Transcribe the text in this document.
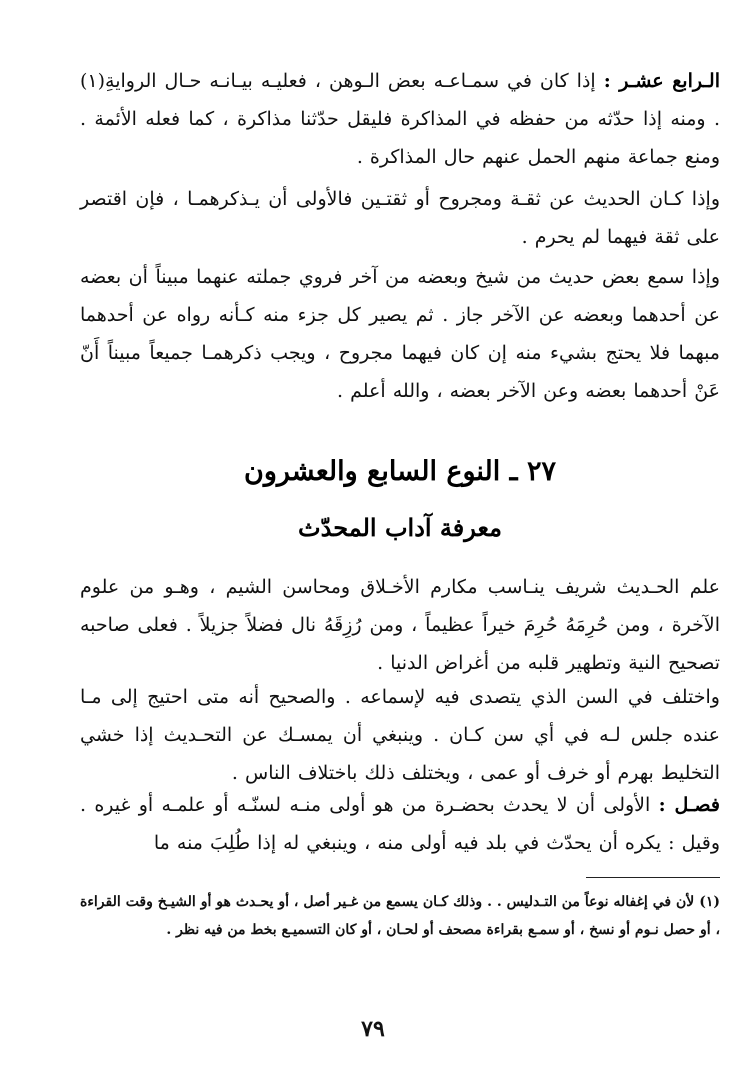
الـرابع عشـر : إذا كان في سمـاعـه بعض الـوهن ، فعليـه بيـانـه حـال الروايةِ(١) . ومنه إذا حدّثه من حفظه في المذاكرة فليقل حدّثنا مذاكرة ، كما فعله الأئمة . ومنع جماعة منهم الحمل عنهم حال المذاكرة .
وإذا كـان الحديث عن ثقـة ومجروح أو ثقتـين فالأولى أن يـذكرهمـا ، فإن اقتصر على ثقة فيهما لم يحرم .
وإذا سمع بعض حديث من شيخ وبعضه من آخر فروي جملته عنهما مبيناً أن بعضه عن أحدهما وبعضه عن الآخر جاز . ثم يصير كل جزء منه كـأنه رواه عن أحدهما مبهما فلا يحتج بشيء منه إن كان فيهما مجروح ، ويجب ذكرهمـا جميعاً مبيناً أَنّ عَنْ أحدهما بعضه وعن الآخر بعضه ، والله أعلم .
٢٧ ـ النوع السابع والعشرون
معرفة آداب المحدّث
علم الحـديث شريف ينـاسب مكارم الأخـلاق ومحاسن الشيم ، وهـو من علوم الآخرة ، ومن حُرِمَهُ حُرِمَ خيراً عظيماً ، ومن رُزِقَهُ نال فضلاً جزيلاً . فعلى صاحبه تصحيح النية وتطهير قلبه من أغراض الدنيا .
واختلف في السن الذي يتصدى فيه لإسماعه . والصحيح أنه متى احتيج إلى مـا عنده جلس لـه في أي سن كـان . وينبغي أن يمسـك عن التحـديث إذا خشي التخليط بهرم أو خرف أو عمى ، ويختلف ذلك باختلاف الناس .
فصـل : الأولى أن لا يحدث بحضـرة من هو أولى منـه لسنّـه أو علمـه أو غيره . وقيل : يكره أن يحدّث في بلد فيه أولى منه ، وينبغي له إذا طُلِبَ منه ما
(١) لأن في إغفاله نوعاً من التـدليس . . وذلك كـان يسمع من غـير أصل ، أو يحـدث هو أو الشيـخ وقت القراءة ، أو حصل نـوم أو نسخ ، أو سمـع بقراءة مصحف أو لحـان ، أو كان التسميـع بخط من فيه نظر .
٧٩
